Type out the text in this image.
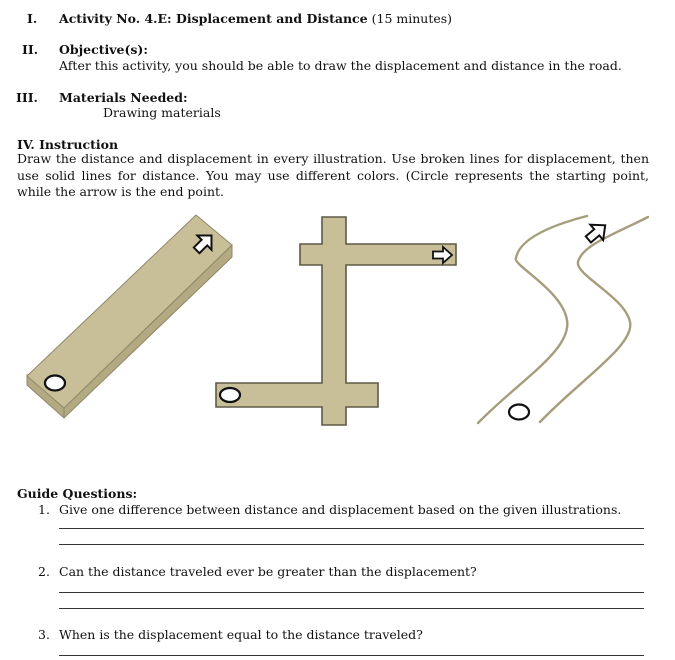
I. Activity No. 4.E: Displacement and Distance (15 minutes)
II. Objective(s):
After this activity, you should be able to draw the displacement and distance in the road.
III. Materials Needed:
Drawing materials
IV. Instruction
Draw the distance and displacement in every illustration. Use broken lines for displacement, then use solid lines for distance. You may use different colors. (Circle represents the starting point, while the arrow is the end point.
Guide Questions:
1. Give one difference between distance and displacement based on the given illustrations.
2. Can the distance traveled ever be greater than the displacement?
3. When is the displacement equal to the distance traveled?
